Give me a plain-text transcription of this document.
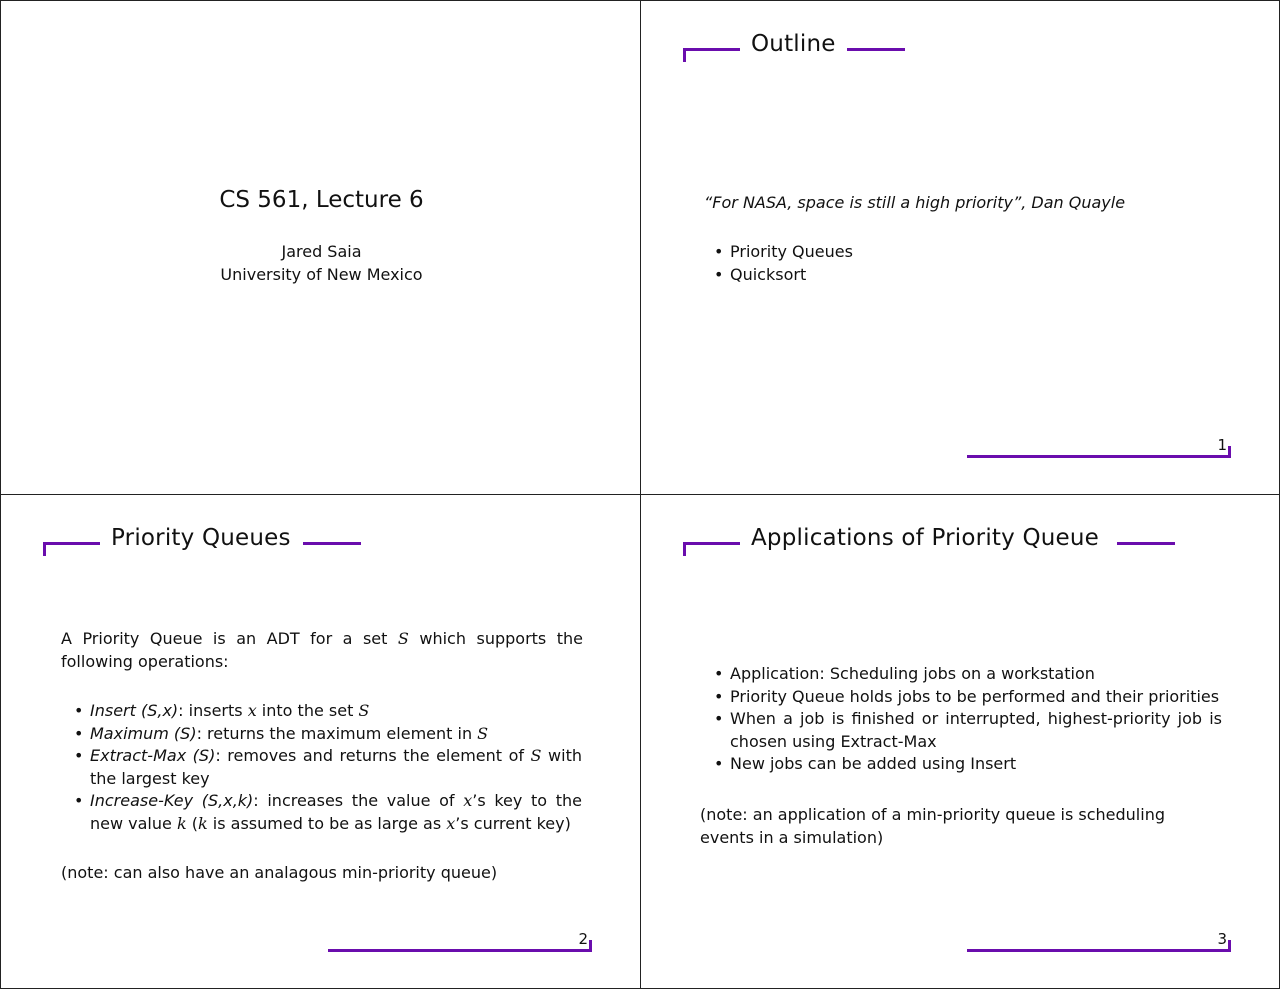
CS 561, Lecture 6
Jared Saia
University of New Mexico
Outline
“For NASA, space is still a high priority”, Dan Quayle
• Priority Queues
• Quicksort
1
Priority Queues
A Priority Queue is an ADT for a set S which supports the following operations:
• Insert (S,x): inserts x into the set S
• Maximum (S): returns the maximum element in S
• Extract-Max (S): removes and returns the element of S with the largest key
• Increase-Key (S,x,k): increases the value of x’s key to the new value k (k is assumed to be as large as x’s current key)
(note: can also have an analagous min-priority queue)
2
Applications of Priority Queue
• Application: Scheduling jobs on a workstation
• Priority Queue holds jobs to be performed and their priorities
• When a job is finished or interrupted, highest-priority job is chosen using Extract-Max
• New jobs can be added using Insert
(note: an application of a min-priority queue is scheduling events in a simulation)
3
